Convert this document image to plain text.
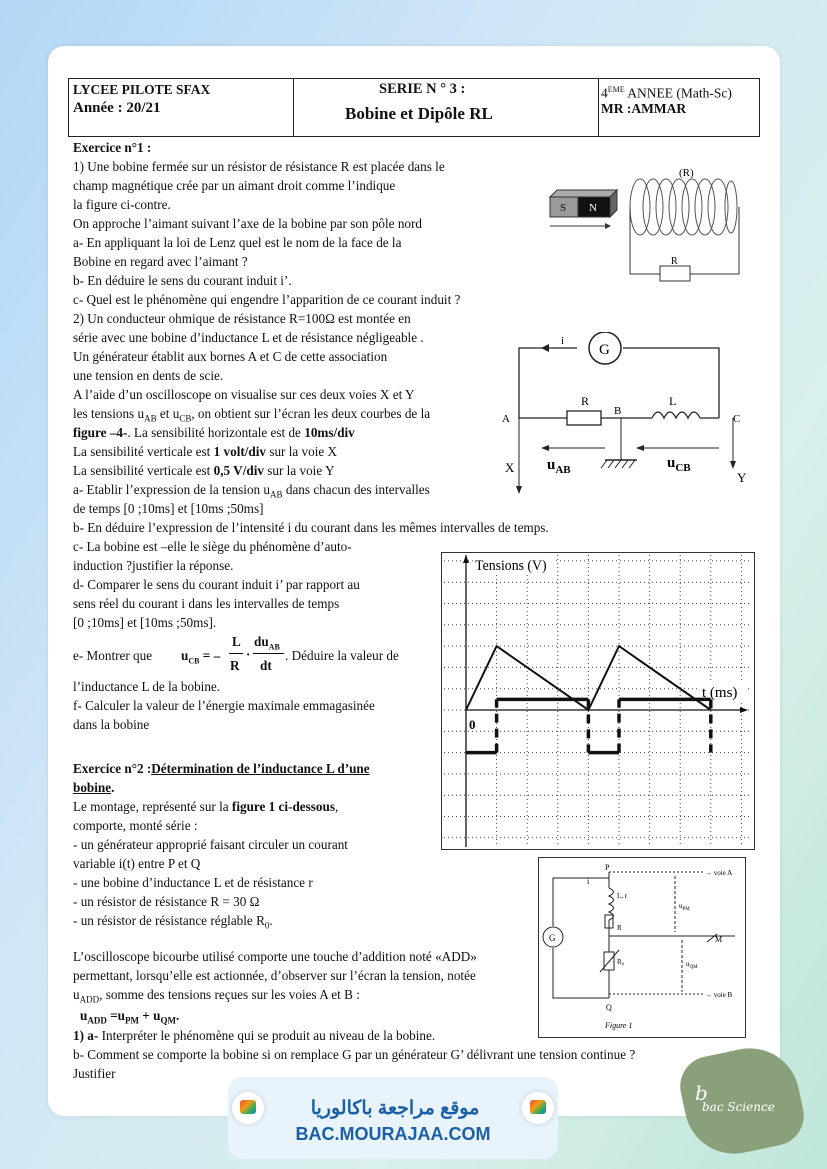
LYCEE PILOTE SFAX
Année : 20/21
SERIE N ° 3 :
Bobine et Dipôle RL
4EME ANNEE (Math-Sc)
MR :AMMAR
Exercice n°1 :
1) Une bobine fermée sur un résistor de résistance R est placée dans le
champ magnétique crée par un aimant droit comme l’indique
la figure ci-contre.
On approche l’aimant suivant l’axe de la bobine par son pôle nord
a- En appliquant la loi de Lenz quel est le nom de la face de la
Bobine en regard avec l’aimant ?
b- En déduire le sens du courant induit i’.
c- Quel est le phénomène qui engendre l’apparition de ce courant induit ?
2) Un conducteur ohmique de résistance R=100Ω est montée en
série avec une bobine d’inductance L et de résistance négligeable .
Un générateur établit aux bornes A et C de cette association
une tension en dents de scie.
A l’aide d’un oscilloscope on visualise sur ces deux voies X et Y
les tensions $u_{AB}$ et $u_{CB}$, on obtient sur l’écran les deux courbes de la
figure –4-. La sensibilité horizontale est de 10ms/div
La sensibilité verticale est 1 volt/div sur la voie X
La sensibilité verticale est 0,5 V/div sur la voie Y
a- Etablir l’expression de la tension $u_{AB}$ dans chacun des intervalles
de temps [0 ;10ms] et [10ms ;50ms]
b- En déduire l’expression de l’intensité i du courant dans les mêmes intervalles de temps.
c- La bobine est –elle le siège du phénomène d’auto-
induction ?justifier la réponse.
d- Comparer le sens du courant induit i’ par rapport au
sens réel du courant i dans les intervalles de temps
[0 ;10ms] et [10ms ;50ms].
e- Montrer que $u_{CB}$ = –
L
R
·
$du_{AB}$
dt
. Déduire la valeur de
l’inductance L de la bobine.
f- Calculer la valeur de l’énergie maximale emmagasinée
dans la bobine
Exercice n°2 :Détermination de l’inductance L d’une
bobine.
Le montage, représenté sur la figure 1 ci-dessous,
comporte, monté série :
- un générateur approprié faisant circuler un courant
variable i(t) entre P et Q
- une bobine d’inductance L et de résistance r
- un résistor de résistance R = 30 Ω
- un résistor de résistance réglable $R_0$.
L’oscilloscope bicourbe utilisé comporte une touche d’addition noté «ADD»
permettant, lorsqu’elle est actionnée, d’observer sur l’écran la tension, notée
$u_{ADD}$, somme des tensions reçues sur les voies A et B :
$u_{ADD} =u_{PM} + u_{QM}$.
1) a- Interpréter le phénomène qui se produit au niveau de la bobine.
b- Comment se comporte la bobine si on remplace G par un générateur G’ délivrant une tension continue ?
Justifier
S N
(R)
R
i
G
R	L
A
B
C
X
Y
$u_{AB}$	$u_{CB}$
Tensions (V)
t (ms)
0
P
i
G
L, r
R
M
R₀
Q
→ voie A
→ voie B
$u_{PM}$
$u_{QM}$
Figure 1
موقع مراجعة باكالوريا
BAC.MOURAJAA.COM
b
bac Science
